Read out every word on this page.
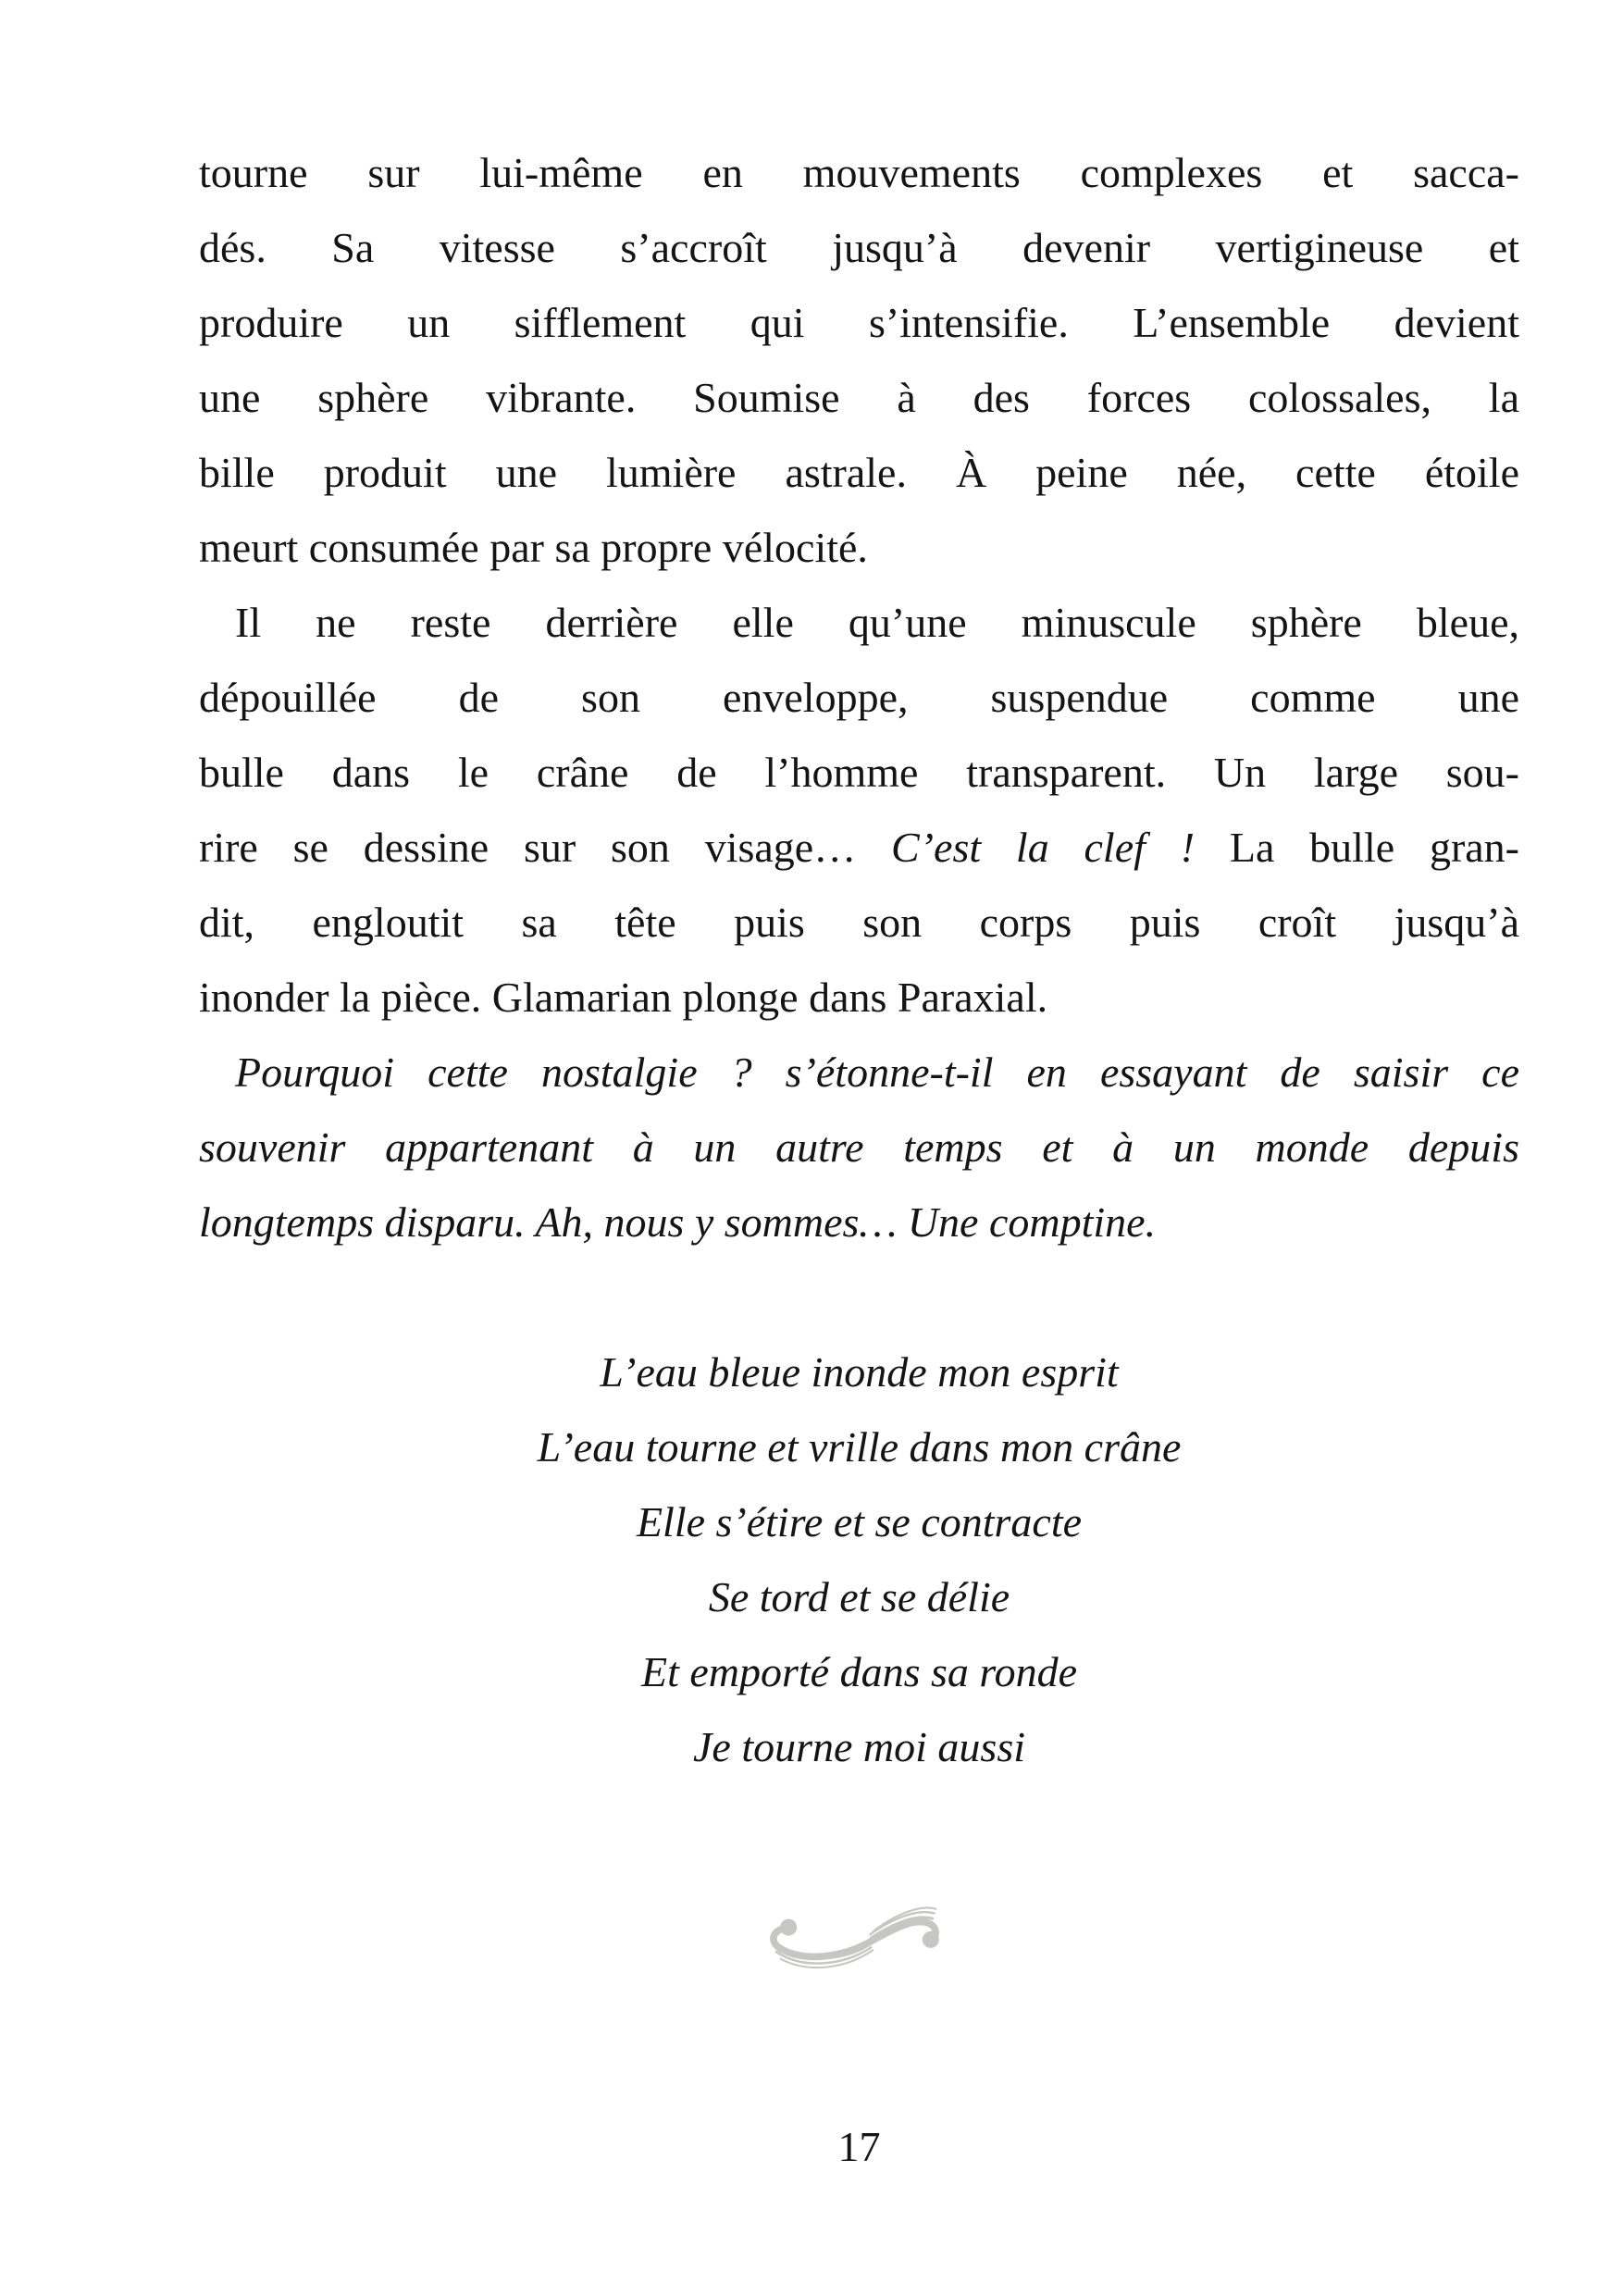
tourne sur lui-même en mouvements complexes et sacca-
dés. Sa vitesse s’accroît jusqu’à devenir vertigineuse et
produire un sifflement qui s’intensifie. L’ensemble devient
une sphère vibrante. Soumise à des forces colossales, la
bille produit une lumière astrale. À peine née, cette étoile
meurt consumée par sa propre vélocité.
Il ne reste derrière elle qu’une minuscule sphère bleue,
dépouillée de son enveloppe, suspendue comme une
bulle dans le crâne de l’homme transparent. Un large sou-
rire se dessine sur son visage… C’est la clef ! La bulle gran-
dit, engloutit sa tête puis son corps puis croît jusqu’à
inonder la pièce. Glamarian plonge dans Paraxial.
Pourquoi cette nostalgie ? s’étonne-t-il en essayant de saisir ce
souvenir appartenant à un autre temps et à un monde depuis
longtemps disparu. Ah, nous y sommes… Une comptine.
L’eau bleue inonde mon esprit
L’eau tourne et vrille dans mon crâne
Elle s’étire et se contracte
Se tord et se délie
Et emporté dans sa ronde
Je tourne moi aussi
17
